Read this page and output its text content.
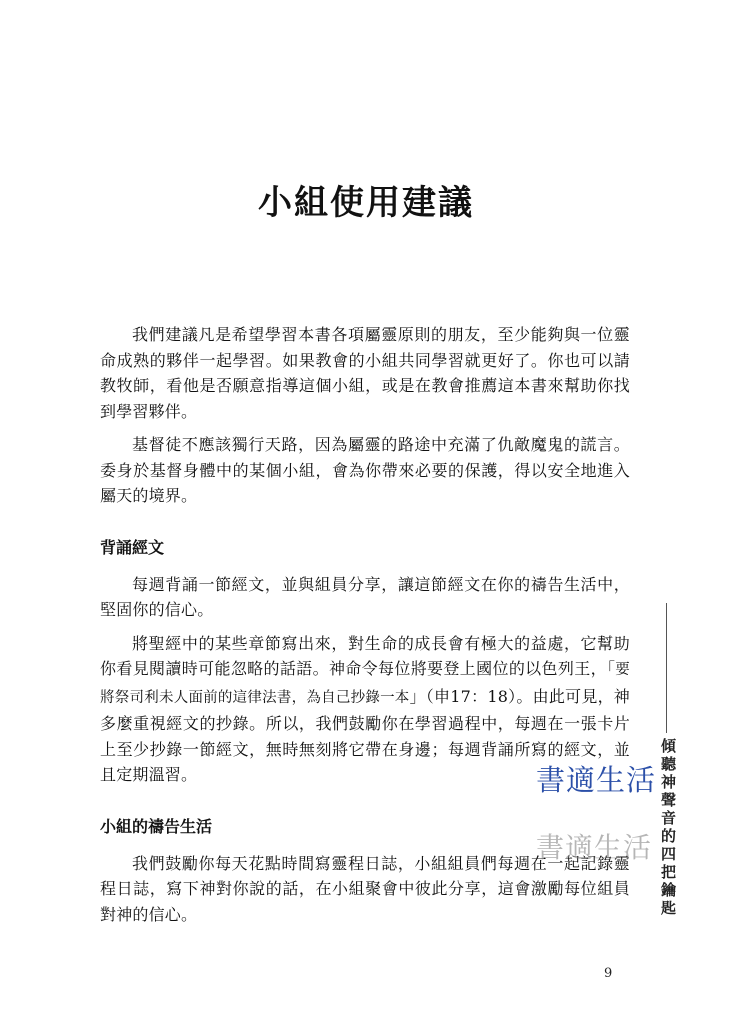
小組使用建議

我們建議凡是希望學習本書各項屬靈原則的朋友，至少能夠與一位靈命成熟的夥伴一起學習。如果教會的小組共同學習就更好了。你也可以請教牧師，看他是否願意指導這個小組，或是在教會推薦這本書來幫助你找到學習夥伴。

基督徒不應該獨行天路，因為屬靈的路途中充滿了仇敵魔鬼的謊言。委身於基督身體中的某個小組，會為你帶來必要的保護，得以安全地進入屬天的境界。

背誦經文

每週背誦一節經文，並與組員分享，讓這節經文在你的禱告生活中，堅固你的信心。

將聖經中的某些章節寫出來，對生命的成長會有極大的益處，它幫助你看見閱讀時可能忽略的話語。神命令每位將要登上國位的以色列王，「要將祭司利未人面前的這律法書，為自己抄錄一本」（申17：18）。由此可見，神多麼重視經文的抄錄。所以，我們鼓勵你在學習過程中，每週在一張卡片上至少抄錄一節經文，無時無刻將它帶在身邊；每週背誦所寫的經文，並且定期溫習。

小組的禱告生活

我們鼓勵你每天花點時間寫靈程日誌，小組組員們每週在一起記錄靈程日誌，寫下神對你說的話，在小組聚會中彼此分享，這會激勵每位組員對神的信心。	傾聽神聲音的四把鑰匙
書適生活
書適生活
9
